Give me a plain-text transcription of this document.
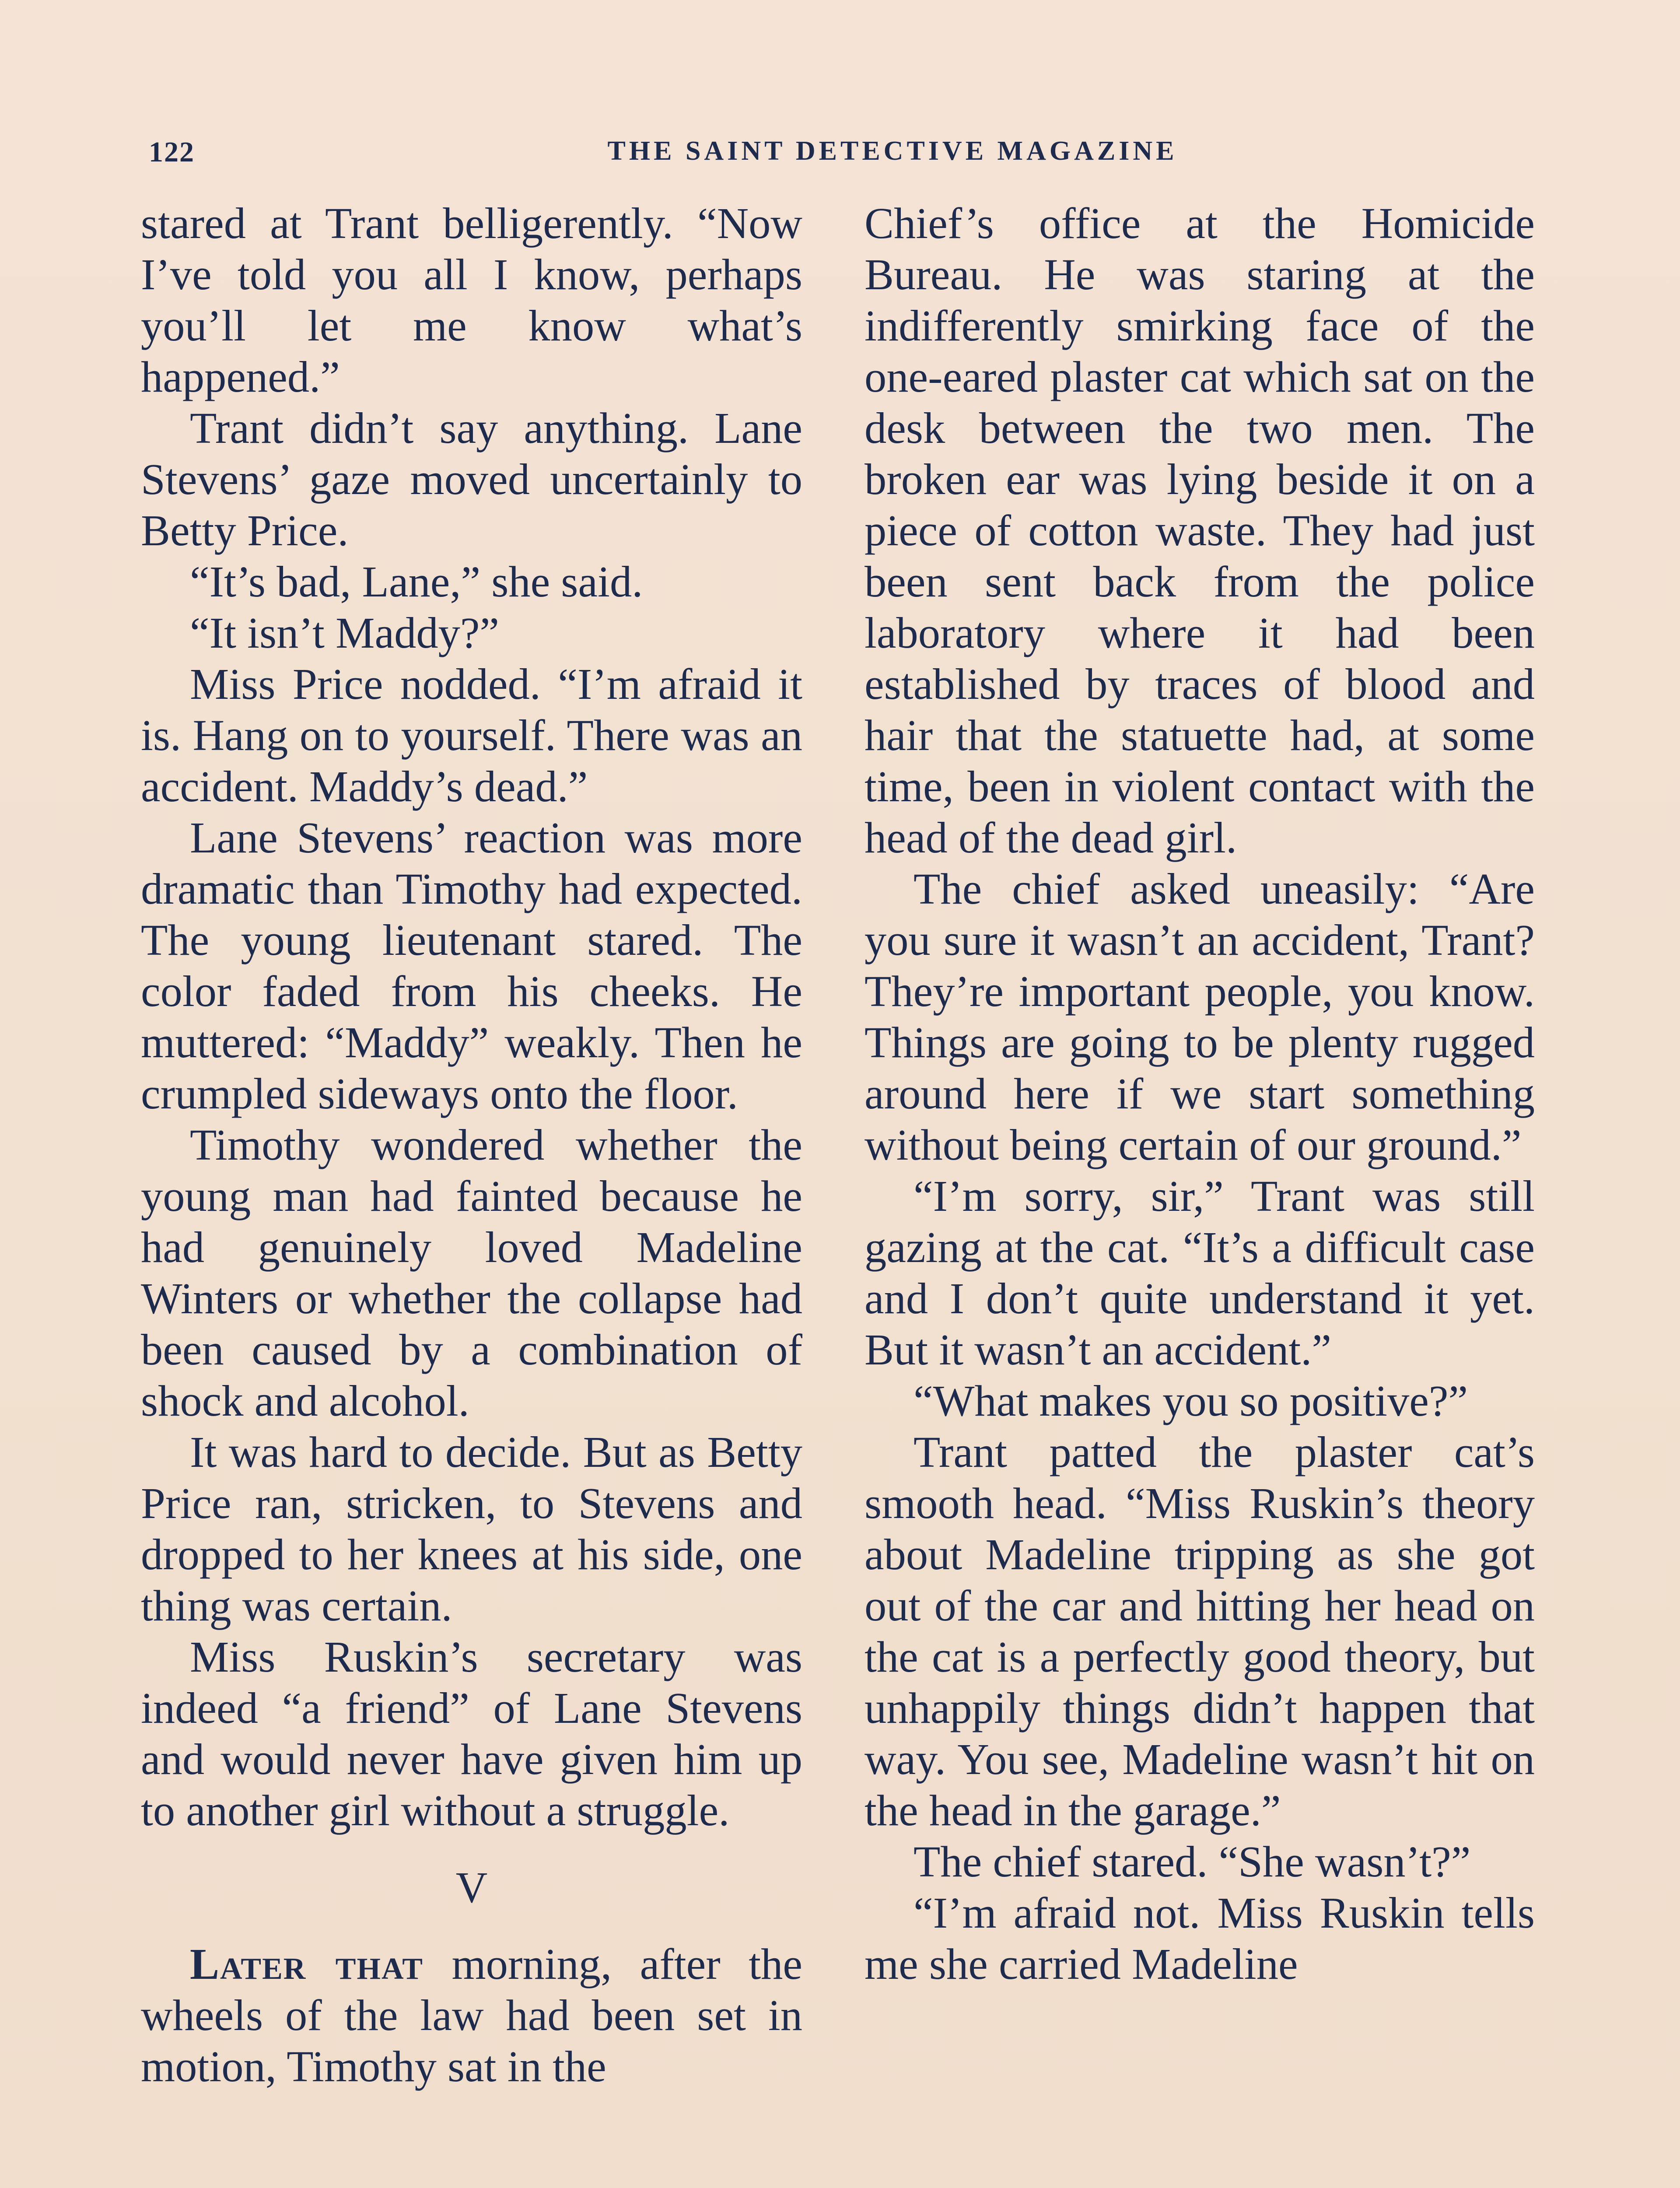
122	THE SAINT DETECTIVE MAGAZINE

stared at Trant belligerently. “Now I’ve told you all I know, perhaps you’ll let me know what’s happened.”

Trant didn’t say anything. Lane Stevens’ gaze moved uncertainly to Betty Price.

“It’s bad, Lane,” she said.

“It isn’t Maddy?”

Miss Price nodded. “I’m afraid it is. Hang on to yourself. There was an accident. Maddy’s dead.”

Lane Stevens’ reaction was more dramatic than Timothy had expected. The young lieutenant stared. The color faded from his cheeks. He muttered: “Maddy” weakly. Then he crumpled sideways onto the floor.

Timothy wondered whether the young man had fainted because he had genuinely loved Madeline Winters or whether the collapse had been caused by a combination of shock and alcohol.

It was hard to decide. But as Betty Price ran, stricken, to Stevens and dropped to her knees at his side, one thing was certain.

Miss Ruskin’s secretary was indeed “a friend” of Lane Stevens and would never have given him up to another girl without a struggle.

V

Later that morning, after the wheels of the law had been set in motion, Timothy sat in the

Chief’s office at the Homicide Bureau. He was staring at the indifferently smirking face of the one-eared plaster cat which sat on the desk between the two men. The broken ear was lying beside it on a piece of cotton waste. They had just been sent back from the police laboratory where it had been established by traces of blood and hair that the statuette had, at some time, been in violent contact with the head of the dead girl.

The chief asked uneasily: “Are you sure it wasn’t an accident, Trant? They’re important people, you know. Things are going to be plenty rugged around here if we start something without being certain of our ground.”

“I’m sorry, sir,” Trant was still gazing at the cat. “It’s a difficult case and I don’t quite understand it yet. But it wasn’t an accident.”

“What makes you so positive?”

Trant patted the plaster cat’s smooth head. “Miss Ruskin’s theory about Madeline tripping as she got out of the car and hitting her head on the cat is a perfectly good theory, but unhappily things didn’t happen that way. You see, Madeline wasn’t hit on the head in the garage.”

The chief stared. “She wasn’t?”

“I’m afraid not. Miss Ruskin tells me she carried Madeline
